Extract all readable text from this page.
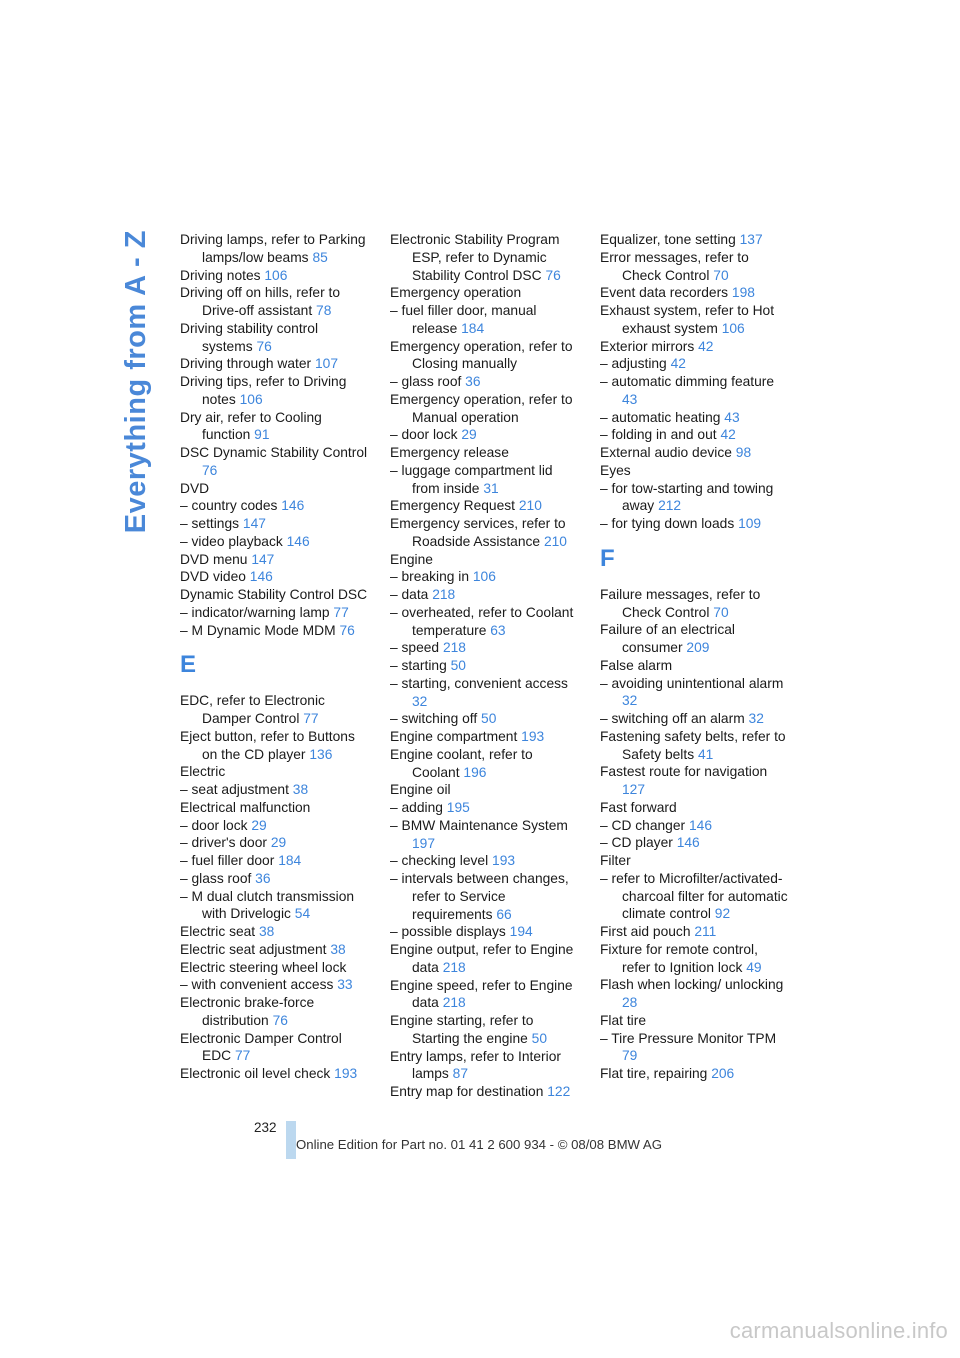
Everything from A - Z Driving lamps, refer to Parking lamps/low beams 85
Driving notes 106
Driving off on hills, refer to Drive-off assistant 78
Driving stability control systems 76
Driving through water 107
Driving tips, refer to Driving notes 106
Dry air, refer to Cooling function 91
DSC Dynamic Stability Control 76
DVD
– country codes 146
– settings 147
– video playback 146
DVD menu 147
DVD video 146
Dynamic Stability Control DSC
– indicator/warning lamp 77
– M Dynamic Mode MDM 76
E
EDC, refer to Electronic Damper Control 77
Eject button, refer to Buttons on the CD player 136
Electric
– seat adjustment 38
Electrical malfunction
– door lock 29
– driver's door 29
– fuel filler door 184
– glass roof 36
– M dual clutch transmission with Drivelogic 54
Electric seat 38
Electric seat adjustment 38
Electric steering wheel lock
– with convenient access 33
Electronic brake-force distribution 76
Electronic Damper Control EDC 77
Electronic oil level check 193
Electronic Stability Program ESP, refer to Dynamic Stability Control DSC 76
Emergency operation
– fuel filler door, manual release 184
Emergency operation, refer to Closing manually
– glass roof 36
Emergency operation, refer to Manual operation
– door lock 29
Emergency release
– luggage compartment lid from inside 31
Emergency Request 210
Emergency services, refer to Roadside Assistance 210
Engine
– breaking in 106
– data 218
– overheated, refer to Coolant temperature 63
– speed 218
– starting 50
– starting, convenient access 32
– switching off 50
Engine compartment 193
Engine coolant, refer to Coolant 196
Engine oil
– adding 195
– BMW Maintenance System 197
– checking level 193
– intervals between changes, refer to Service requirements 66
– possible displays 194
Engine output, refer to Engine data 218
Engine speed, refer to Engine data 218
Engine starting, refer to Starting the engine 50
Entry lamps, refer to Interior lamps 87
Entry map for destination 122
Equalizer, tone setting 137
Error messages, refer to Check Control 70
Event data recorders 198
Exhaust system, refer to Hot exhaust system 106
Exterior mirrors 42
– adjusting 42
– automatic dimming feature 43
– automatic heating 43
– folding in and out 42
External audio device 98
Eyes
– for tow-starting and towing away 212
– for tying down loads 109
F
Failure messages, refer to Check Control 70
Failure of an electrical consumer 209
False alarm
– avoiding unintentional alarm 32
– switching off an alarm 32
Fastening safety belts, refer to Safety belts 41
Fastest route for navigation 127
Fast forward
– CD changer 146
– CD player 146
Filter
– refer to Microfilter/activated-charcoal filter for automatic climate control 92
First aid pouch 211
Fixture for remote control, refer to Ignition lock 49
Flash when locking/ unlocking 28
Flat tire
– Tire Pressure Monitor TPM 79
Flat tire, repairing 206
232
Online Edition for Part no. 01 41 2 600 934 - © 08/08 BMW AG
carmanualsonline.info
